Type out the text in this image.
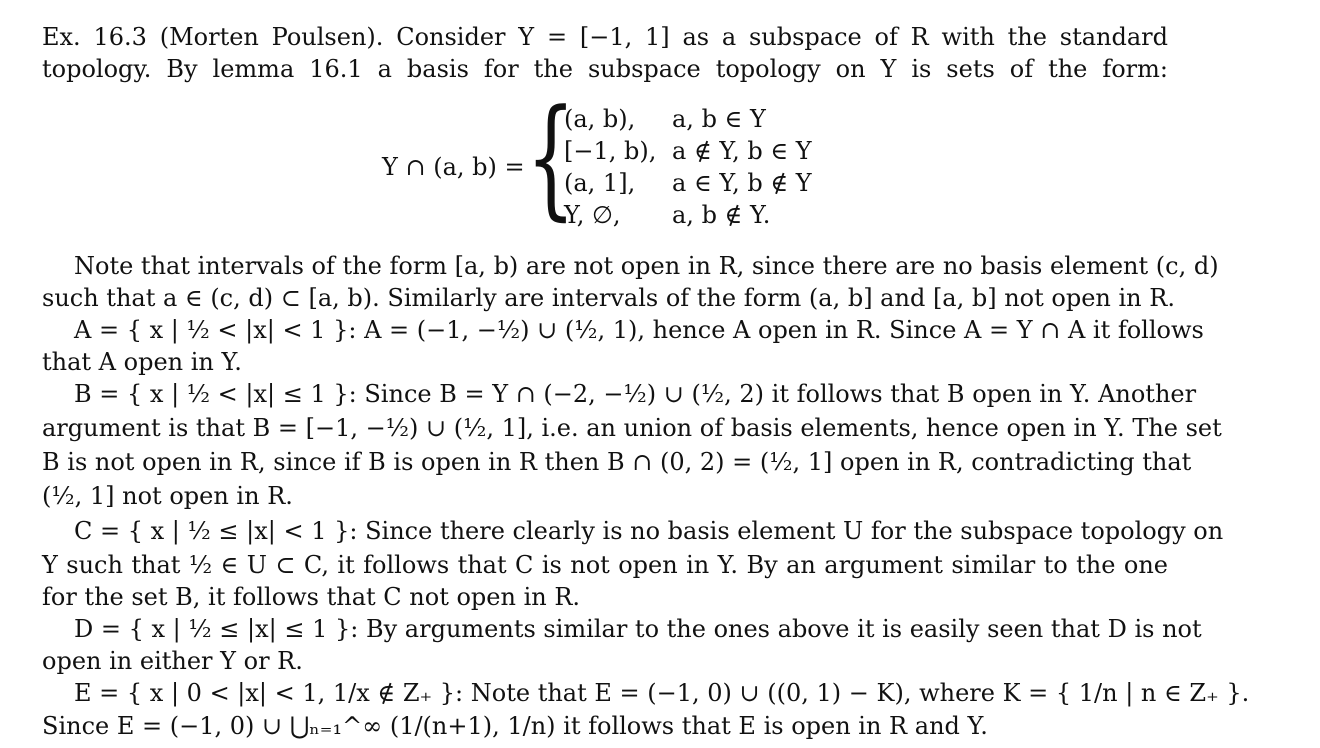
Ex. 16.3 (Morten Poulsen). Consider Y = [−1, 1] as a subspace of R with the standard
topology. By lemma 16.1 a basis for the subspace topology on Y is sets of the form:
Y ∩ (a, b) = {
(a, b), a, b ∈ Y
[−1, b), a ∉ Y, b ∈ Y
(a, 1], a ∈ Y, b ∉ Y
Y, ∅, a, b ∉ Y.
Note that intervals of the form [a, b) are not open in R, since there are no basis element (c, d)
such that a ∈ (c, d) ⊂ [a, b). Similarly are intervals of the form (a, b] and [a, b] not open in R.
A = { x | ½ < |x| < 1 }: A = (−1, −½) ∪ (½, 1), hence A open in R. Since A = Y ∩ A it follows
that A open in Y.
B = { x | ½ < |x| ≤ 1 }: Since B = Y ∩ (−2, −½) ∪ (½, 2) it follows that B open in Y. Another
argument is that B = [−1, −½) ∪ (½, 1], i.e. an union of basis elements, hence open in Y. The set
B is not open in R, since if B is open in R then B ∩ (0, 2) = (½, 1] open in R, contradicting that
(½, 1] not open in R.
C = { x | ½ ≤ |x| < 1 }: Since there clearly is no basis element U for the subspace topology on
Y such that ½ ∈ U ⊂ C, it follows that C is not open in Y. By an argument similar to the one
for the set B, it follows that C not open in R.
D = { x | ½ ≤ |x| ≤ 1 }: By arguments similar to the ones above it is easily seen that D is not
open in either Y or R.
E = { x | 0 < |x| < 1, 1/x ∉ Z₊ }: Note that E = (−1, 0) ∪ ((0, 1) − K), where K = { 1/n | n ∈ Z₊ }.
Since E = (−1, 0) ∪ ⋃ₙ₌₁^∞ (1/(n+1), 1/n) it follows that E is open in R and Y.
